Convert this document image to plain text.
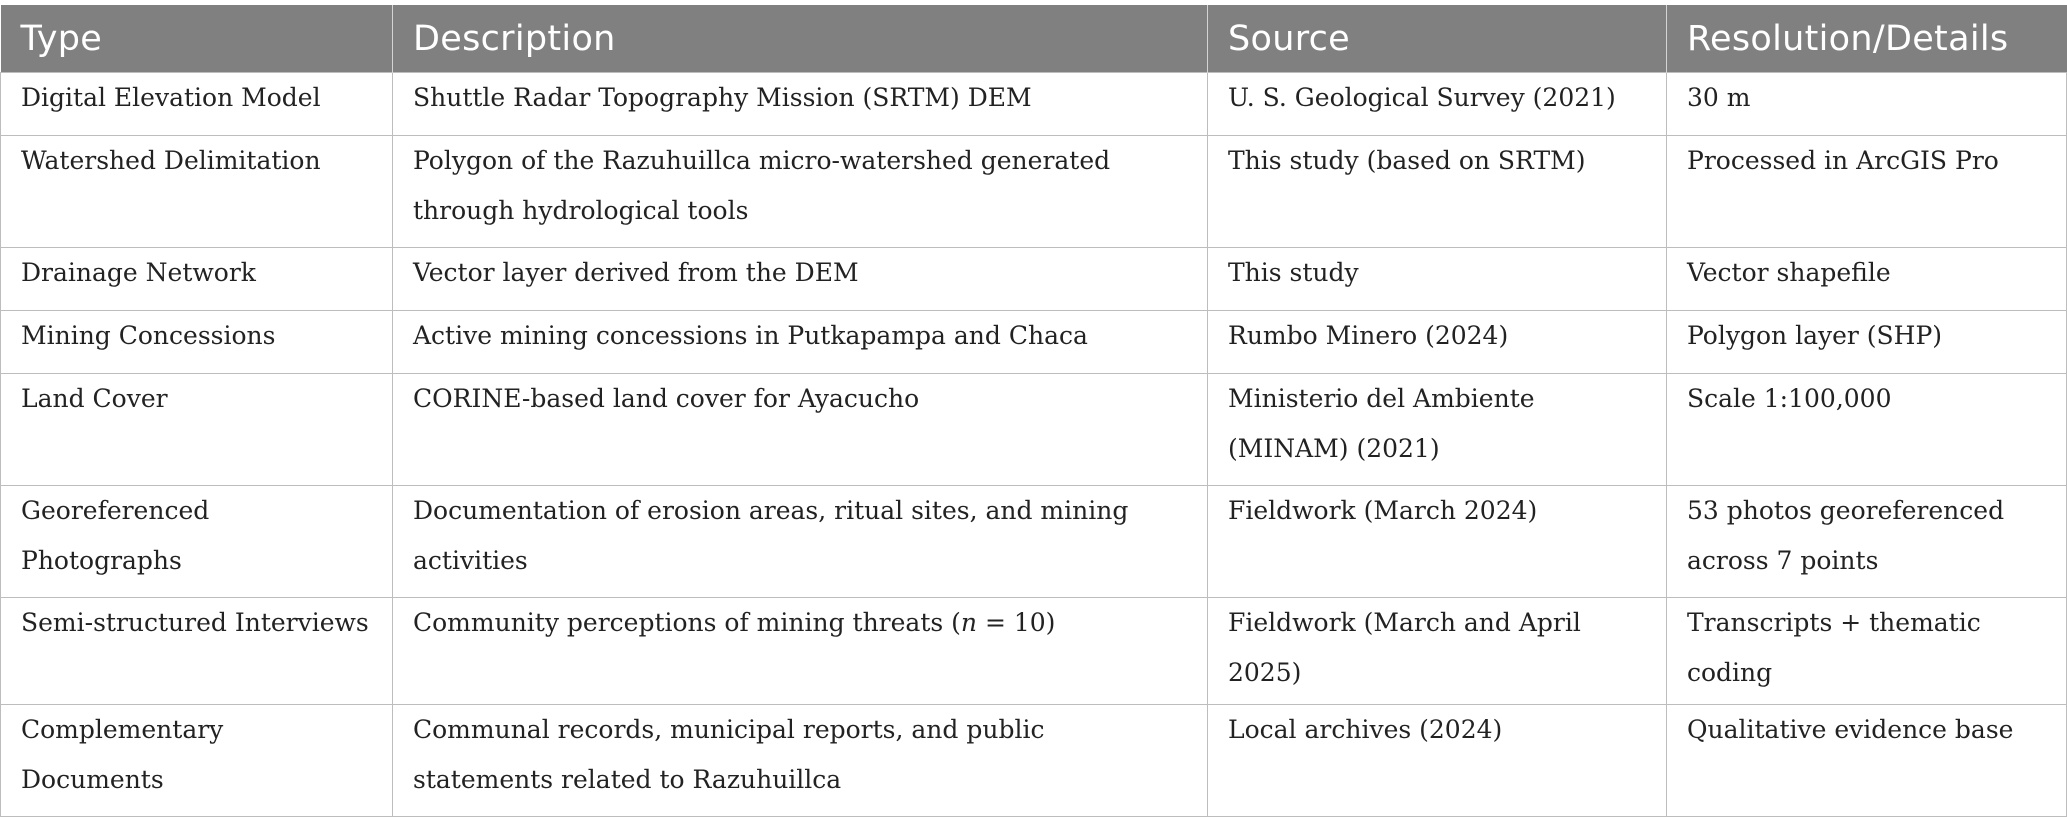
Type	Description	Source	Resolution/Details
Digital Elevation Model	Shuttle Radar Topography Mission (SRTM) DEM	U. S. Geological Survey (2021)	30 m
Watershed Delimitation	Polygon of the Razuhuillca micro-watershed generated through hydrological tools	This study (based on SRTM)	Processed in ArcGIS Pro
Drainage Network	Vector layer derived from the DEM	This study	Vector shapefile
Mining Concessions	Active mining concessions in Putkapampa and Chaca	Rumbo Minero (2024)	Polygon layer (SHP)
Land Cover	CORINE-based land cover for Ayacucho	Ministerio del Ambiente (MINAM) (2021)	Scale 1:100,000
Georeferenced Photographs	Documentation of erosion areas, ritual sites, and mining activities	Fieldwork (March 2024)	53 photos georeferenced across 7 points
Semi-structured Interviews	Community perceptions of mining threats (n = 10)	Fieldwork (March and April 2025)	Transcripts + thematic coding
Complementary Documents	Communal records, municipal reports, and public statements related to Razuhuillca	Local archives (2024)	Qualitative evidence base
